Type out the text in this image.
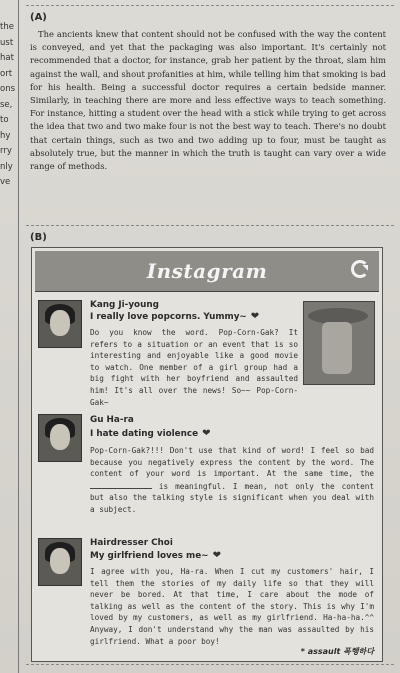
the
ust
hat
ort
ons
se,
to
hy
rry
nly
ve
(A)
The ancients knew that content should not be confused with the way the content is conveyed, and yet that the packaging was also important. It's certainly not recommended that a doctor, for instance, grab her patient by the throat, slam him against the wall, and shout profanities at him, while telling him that smoking is bad for his health. Being a successful doctor requires a certain bedside manner. Similarly, in teaching there are more and less effective ways to teach something. For instance, hitting a student over the head with a stick while trying to get across the idea that two and two make four is not the best way to teach. There's no doubt that certain things, such as two and two adding up to four, must be taught as absolutely true, but the manner in which the truth is taught can vary over a wide range of methods.
(B)
Instagram
Kang Ji-young
I really love popcorns. Yummy~ ❤
Do you know the word. Pop-Corn-Gak? It refers to a situation or an event that is so interesting and enjoyable like a good movie to watch. One member of a girl group had a big fight with her boyfriend and assaulted him! It's all over the news! So~~ Pop-Corn-Gak~
Gu Ha-ra
I hate dating violence ❤
Pop-Corn-Gak?!!! Don't use that kind of word! I feel so bad because you negatively express the content by the word. The content of your word is important. At the same time, the  is meaningful. I mean, not only the content but also the talking style is significant when you deal with a subject.
Hairdresser Choi
My girlfriend loves me~ ❤
I agree with you, Ha-ra. When I cut my customers' hair, I tell them the stories of my daily life so that they will never be bored. At that time, I care about the mode of talking as well as the content of the story. This is why I'm loved by my customers, as well as my girlfriend. Ha-ha-ha.^^ Anyway, I don't understand why the man was assaulted by his girlfriend. What a poor boy!
* assault 폭행하다
